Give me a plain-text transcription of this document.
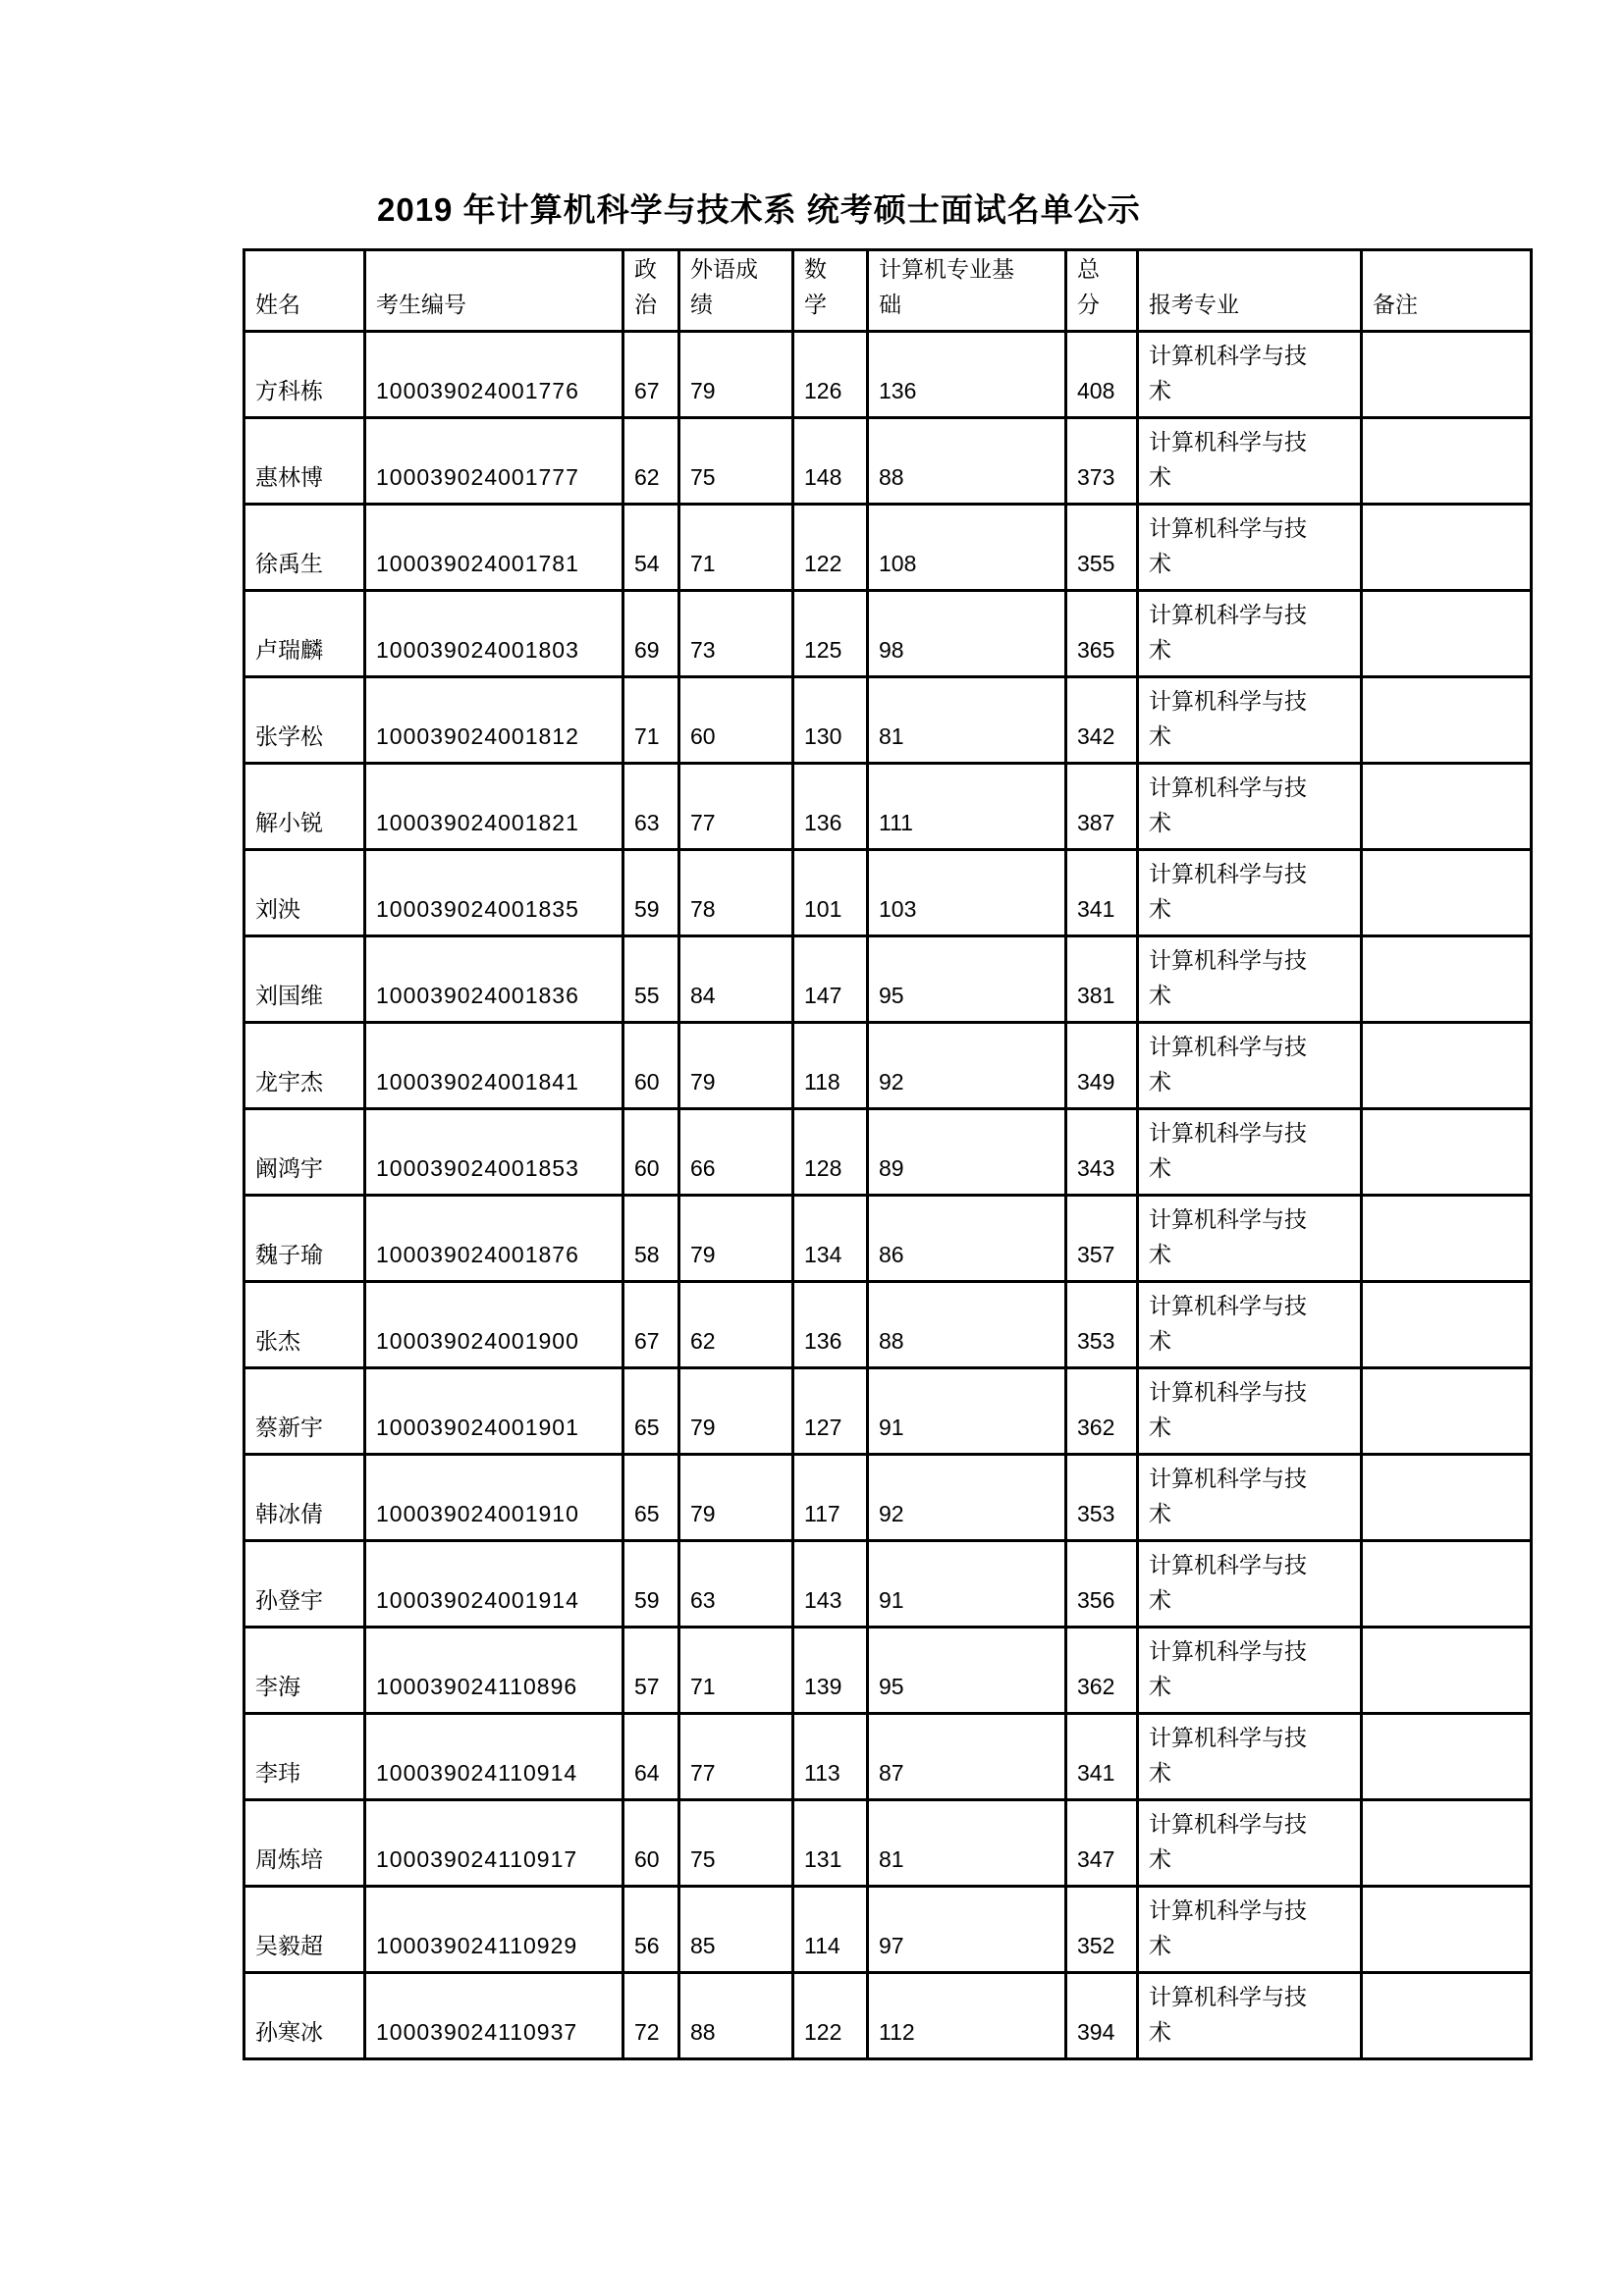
2019 年计算机科学与技术系 统考硕士面试名单公示
姓名	考生编号	政治	外语成绩	数学	计算机专业基础	总分	报考专业	备注

方科栋	100039024001776	67	79	126	136	408	计算机科学与技术	

惠林博	100039024001777	62	75	148	88	373	计算机科学与技术	

徐禹生	100039024001781	54	71	122	108	355	计算机科学与技术	

卢瑞麟	100039024001803	69	73	125	98	365	计算机科学与技术	

张学松	100039024001812	71	60	130	81	342	计算机科学与技术	

解小锐	100039024001821	63	77	136	111	387	计算机科学与技术	

刘泱	100039024001835	59	78	101	103	341	计算机科学与技术	

刘国维	100039024001836	55	84	147	95	381	计算机科学与技术	

龙宇杰	100039024001841	60	79	118	92	349	计算机科学与技术	

阚鸿宇	100039024001853	60	66	128	89	343	计算机科学与技术	

魏子瑜	100039024001876	58	79	134	86	357	计算机科学与技术	

张杰	100039024001900	67	62	136	88	353	计算机科学与技术	

蔡新宇	100039024001901	65	79	127	91	362	计算机科学与技术	

韩冰倩	100039024001910	65	79	117	92	353	计算机科学与技术	

孙登宇	100039024001914	59	63	143	91	356	计算机科学与技术	

李海	100039024110896	57	71	139	95	362	计算机科学与技术	

李玮	100039024110914	64	77	113	87	341	计算机科学与技术	

周炼培	100039024110917	60	75	131	81	347	计算机科学与技术	

吴毅超	100039024110929	56	85	114	97	352	计算机科学与技术	

孙寒冰	100039024110937	72	88	122	112	394	计算机科学与技术	
